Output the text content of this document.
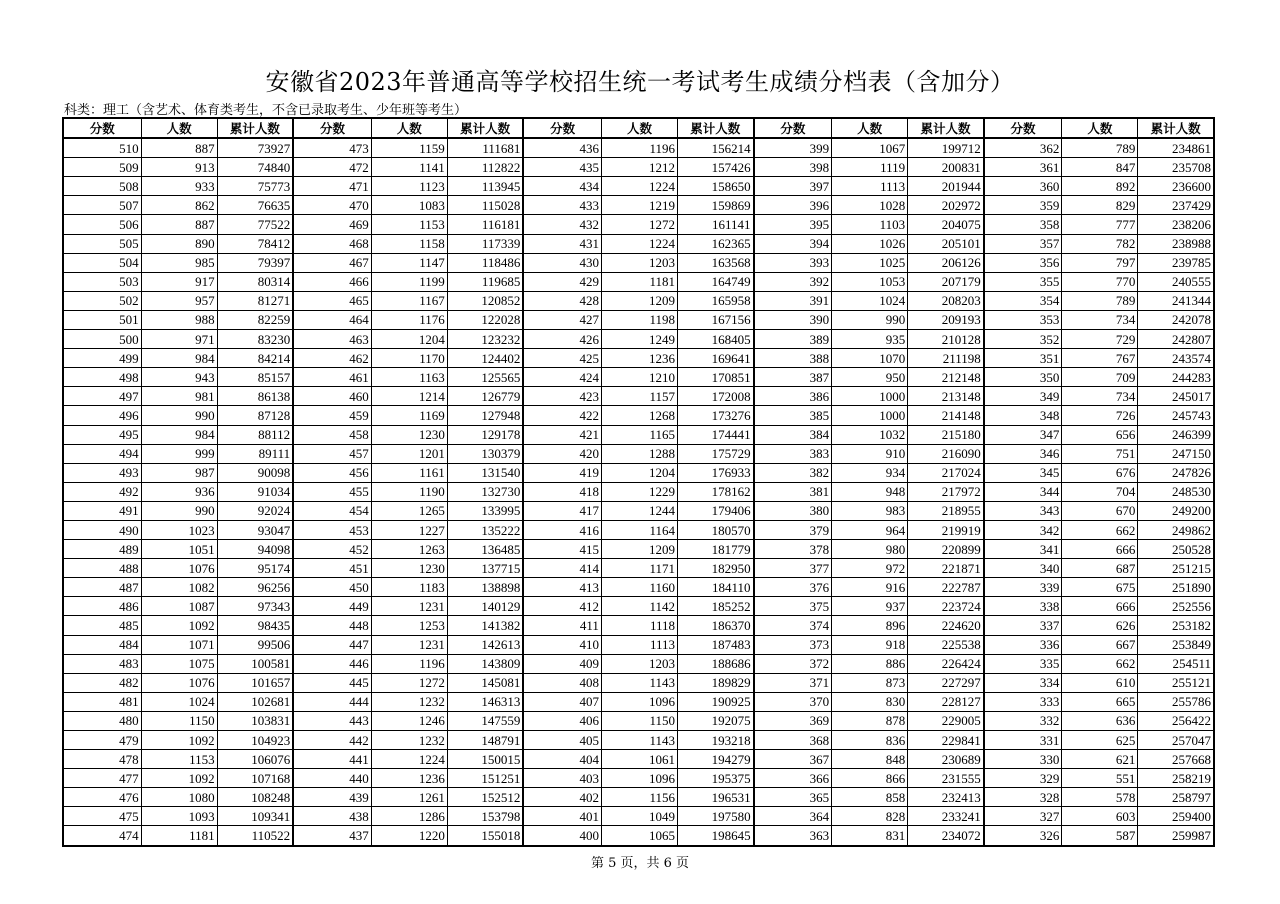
安徽省2023年普通高等学校招生统一考试考生成绩分档表（含加分）
科类：理工（含艺术、体育类考生，不含已录取考生、少年班等考生）
分数	人数	累计人数	分数	人数	累计人数	分数	人数	累计人数	分数	人数	累计人数	分数	人数	累计人数
510	887	73927	473	1159	111681	436	1196	156214	399	1067	199712	362	789	234861
509	913	74840	472	1141	112822	435	1212	157426	398	1119	200831	361	847	235708
508	933	75773	471	1123	113945	434	1224	158650	397	1113	201944	360	892	236600
507	862	76635	470	1083	115028	433	1219	159869	396	1028	202972	359	829	237429
506	887	77522	469	1153	116181	432	1272	161141	395	1103	204075	358	777	238206
505	890	78412	468	1158	117339	431	1224	162365	394	1026	205101	357	782	238988
504	985	79397	467	1147	118486	430	1203	163568	393	1025	206126	356	797	239785
503	917	80314	466	1199	119685	429	1181	164749	392	1053	207179	355	770	240555
502	957	81271	465	1167	120852	428	1209	165958	391	1024	208203	354	789	241344
501	988	82259	464	1176	122028	427	1198	167156	390	990	209193	353	734	242078
500	971	83230	463	1204	123232	426	1249	168405	389	935	210128	352	729	242807
499	984	84214	462	1170	124402	425	1236	169641	388	1070	211198	351	767	243574
498	943	85157	461	1163	125565	424	1210	170851	387	950	212148	350	709	244283
497	981	86138	460	1214	126779	423	1157	172008	386	1000	213148	349	734	245017
496	990	87128	459	1169	127948	422	1268	173276	385	1000	214148	348	726	245743
495	984	88112	458	1230	129178	421	1165	174441	384	1032	215180	347	656	246399
494	999	89111	457	1201	130379	420	1288	175729	383	910	216090	346	751	247150
493	987	90098	456	1161	131540	419	1204	176933	382	934	217024	345	676	247826
492	936	91034	455	1190	132730	418	1229	178162	381	948	217972	344	704	248530
491	990	92024	454	1265	133995	417	1244	179406	380	983	218955	343	670	249200
490	1023	93047	453	1227	135222	416	1164	180570	379	964	219919	342	662	249862
489	1051	94098	452	1263	136485	415	1209	181779	378	980	220899	341	666	250528
488	1076	95174	451	1230	137715	414	1171	182950	377	972	221871	340	687	251215
487	1082	96256	450	1183	138898	413	1160	184110	376	916	222787	339	675	251890
486	1087	97343	449	1231	140129	412	1142	185252	375	937	223724	338	666	252556
485	1092	98435	448	1253	141382	411	1118	186370	374	896	224620	337	626	253182
484	1071	99506	447	1231	142613	410	1113	187483	373	918	225538	336	667	253849
483	1075	100581	446	1196	143809	409	1203	188686	372	886	226424	335	662	254511
482	1076	101657	445	1272	145081	408	1143	189829	371	873	227297	334	610	255121
481	1024	102681	444	1232	146313	407	1096	190925	370	830	228127	333	665	255786
480	1150	103831	443	1246	147559	406	1150	192075	369	878	229005	332	636	256422
479	1092	104923	442	1232	148791	405	1143	193218	368	836	229841	331	625	257047
478	1153	106076	441	1224	150015	404	1061	194279	367	848	230689	330	621	257668
477	1092	107168	440	1236	151251	403	1096	195375	366	866	231555	329	551	258219
476	1080	108248	439	1261	152512	402	1156	196531	365	858	232413	328	578	258797
475	1093	109341	438	1286	153798	401	1049	197580	364	828	233241	327	603	259400
474	1181	110522	437	1220	155018	400	1065	198645	363	831	234072	326	587	259987
第 5 页，共 6 页
